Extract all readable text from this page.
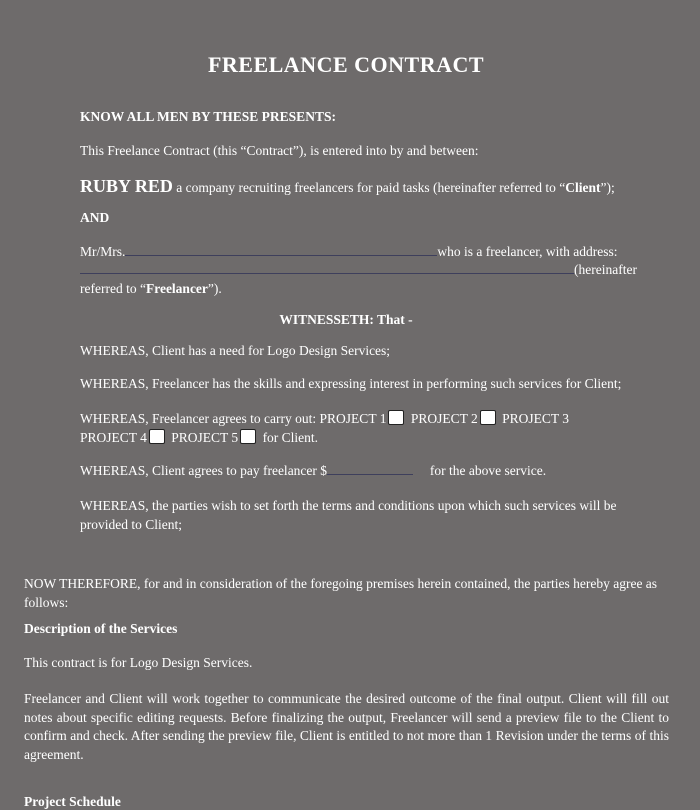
FREELANCE CONTRACT
KNOW ALL MEN BY THESE PRESENTS:
This Freelance Contract (this “Contract”), is entered into by and between:
RUBY RED a company recruiting freelancers for paid tasks (hereinafter referred to “Client”);
AND
Mr/Mrs.	who is a freelancer, with address:
(hereinafter
referred to “Freelancer”).
WITNESSETH: That -
WHEREAS, Client has a need for Logo Design Services;
WHEREAS, Freelancer has the skills and expressing interest in performing such services for Client;
WHEREAS, Freelancer agrees to carry out: PROJECT 1 PROJECT 2 PROJECT 3
PROJECT 4 PROJECT 5 for Client.
WHEREAS, Client agrees to pay freelancer $	for the above service.
WHEREAS, the parties wish to set forth the terms and conditions upon which such services will be provided to Client;
NOW THEREFORE, for and in consideration of the foregoing premises herein contained, the parties hereby agree as follows:
Description of the Services
This contract is for Logo Design Services.
Freelancer and Client will work together to communicate the desired outcome of the final output. Client will fill out notes about specific editing requests. Before finalizing the output, Freelancer will send a preview file to the Client to confirm and check. After sending the preview file, Client is entitled to not more than 1 Revision under the terms of this agreement.
Project Schedule
